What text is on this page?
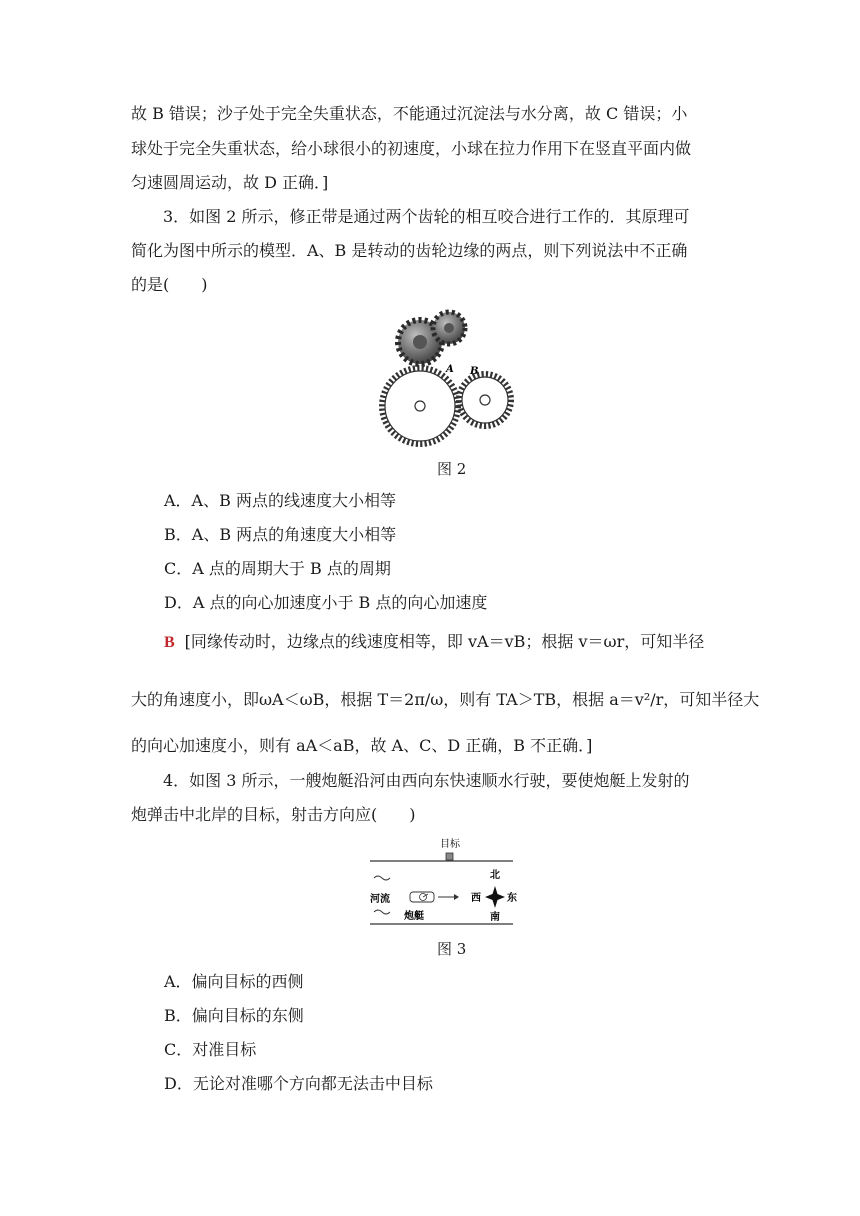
故 B 错误；沙子处于完全失重状态，不能通过沉淀法与水分离，故 C 错误；小
球处于完全失重状态，给小球很小的初速度，小球在拉力作用下在竖直平面内做
匀速圆周运动，故 D 正确．]
3．如图 2 所示，修正带是通过两个齿轮的相互咬合进行工作的．其原理可
简化为图中所示的模型．A、B 是转动的齿轮边缘的两点，则下列说法中不正确
的是(　　)
A B
图 2
A．A、B 两点的线速度大小相等
B．A、B 两点的角速度大小相等
C．A 点的周期大于 B 点的周期
D．A 点的向心加速度小于 B 点的向心加速度
B [同缘传动时，边缘点的线速度相等，即 vA＝vB；根据 v＝ωr，可知半径
大的角速度小，即ωA＜ωB，根据 T＝2π/ω，则有 TA＞TB，根据 a＝v²/r，可知半径大
的向心加速度小，则有 aA＜aB，故 A、C、D 正确，B 不正确．]
4．如图 3 所示，一艘炮艇沿河由西向东快速顺水行驶，要使炮艇上发射的
炮弹击中北岸的目标，射击方向应(　　)
目标
河流
炮艇
北
南
西	东
图 3
A．偏向目标的西侧
B．偏向目标的东侧
C．对准目标
D．无论对准哪个方向都无法击中目标
